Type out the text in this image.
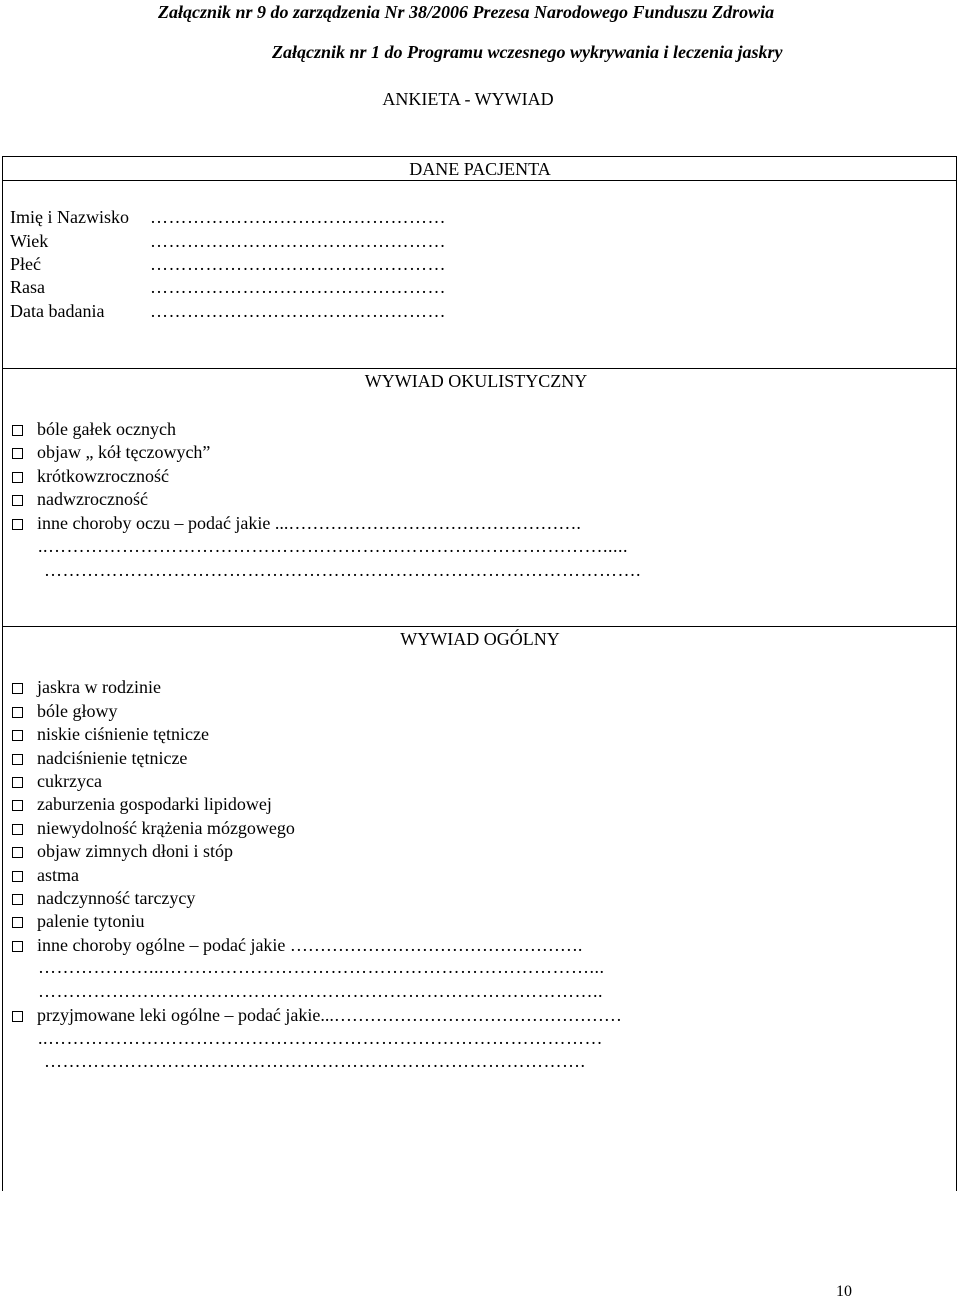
Załącznik nr 9 do zarządzenia Nr 38/2006 Prezesa Narodowego Funduszu Zdrowia
Załącznik nr 1 do Programu wczesnego wykrywania i leczenia jaskry
ANKIETA - WYWIAD
DANE PACJENTA
Imię i Nazwisko …………………………………………
Wiek	…………………………………………
Płeć	…………………………………………
Rasa	…………………………………………
Data badania	…………………………………………
WYWIAD OKULISTYCZNY
bóle gałek ocznych
objaw „ kół tęczowych”
krótkowzroczność
nadwzroczność
inne choroby oczu – podać jakie ...………………………………………….
..……………………………………………………………………………….....
…………………………………………………………………………………….
WYWIAD OGÓLNY
jaskra w rodzinie
bóle głowy
niskie ciśnienie tętnicze
nadciśnienie tętnicze
cukrzyca
zaburzenia gospodarki lipidowej
niewydolność krążenia mózgowego
objaw zimnych dłoni i stóp
astma
nadczynność tarczycy
palenie tytoniu
inne choroby ogólne – podać jakie ………………………………………….
………………...……………………………………………………………...
………………………………………………………………………………..
przyjmowane leki ogólne – podać jakie...…………………………………………
..………………………………………………………………………………
…………………………………………………………………………….
10
